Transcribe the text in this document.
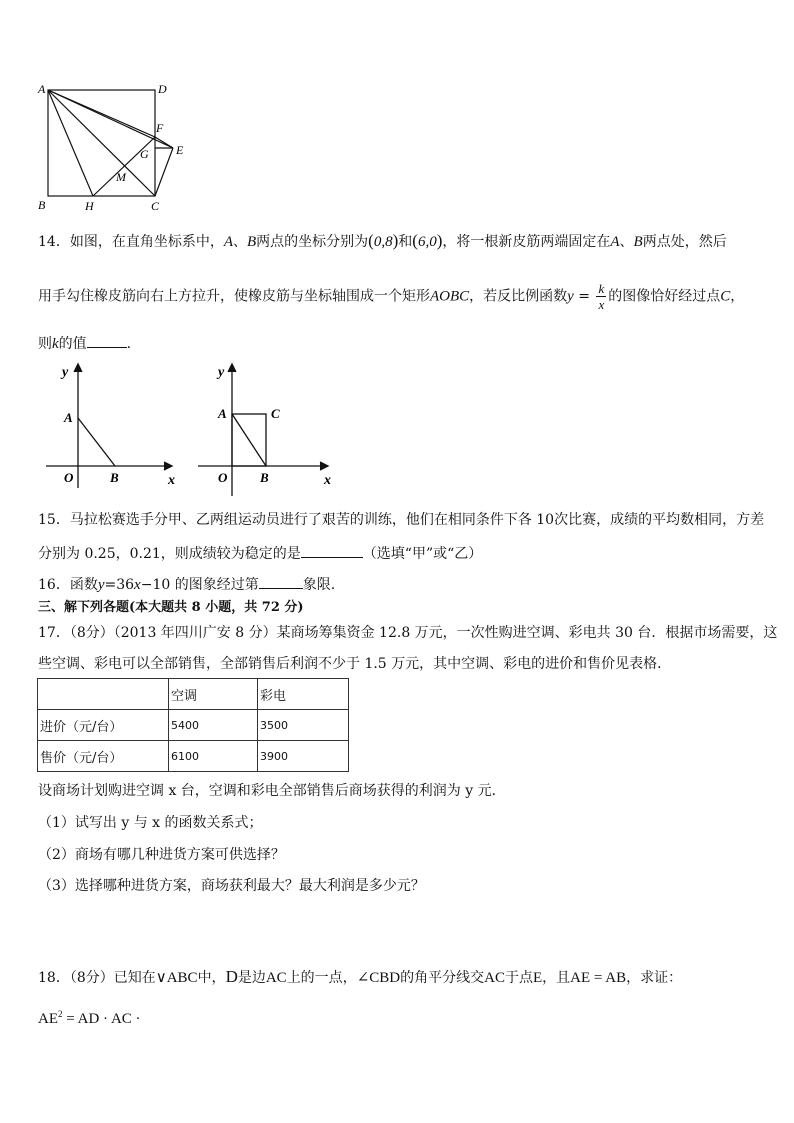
A	D
F
G E
M
B	H	C
14．如图，在直角坐标系中，A、B两点的坐标分别为(0,8)和(6,0)，将一根新皮筋两端固定在A、B两点处，然后
用手勾住橡皮筋向右上方拉升，使橡皮筋与坐标轴围成一个矩形AOBC，若反比例函数$y = \frac{k}{x}$ 的图像恰好经过点C，
则k的值	.
y
A
O	B	x
y
A	C
O	B	x
15．马拉松赛选手分甲、乙两组运动员进行了艰苦的训练，他们在相同条件下各 10次比赛，成绩的平均数相同，方差
分别为 0.25，0.21，则成绩较为稳定的是	（选填“甲”或“乙）
16．函数y=36x−10 的图象经过第	象限.
三、解下列各题(本大题共 8 小题，共 72 分)
17．（8分）（2013 年四川广安 8 分）某商场筹集资金 12.8 万元，一次性购进空调、彩电共 30 台．根据市场需要，这
些空调、彩电可以全部销售，全部销售后利润不少于 1.5 万元，其中空调、彩电的进价和售价见表格．
	空调	彩电
进价（元/台）	5400	3500
售价（元/台）	6100	3900
设商场计划购进空调 x 台，空调和彩电全部销售后商场获得的利润为 y 元．
（1）试写出 y 与 x 的函数关系式；
（2）商场有哪几种进货方案可供选择？
（3）选择哪种进货方案，商场获利最大？最大利润是多少元？
18．（8分）已知在∨ABC中，D是边AC上的一点，∠CBD的角平分线交AC于点E，且AE = AB，求证：
$AE^2$ = AD · AC ·
